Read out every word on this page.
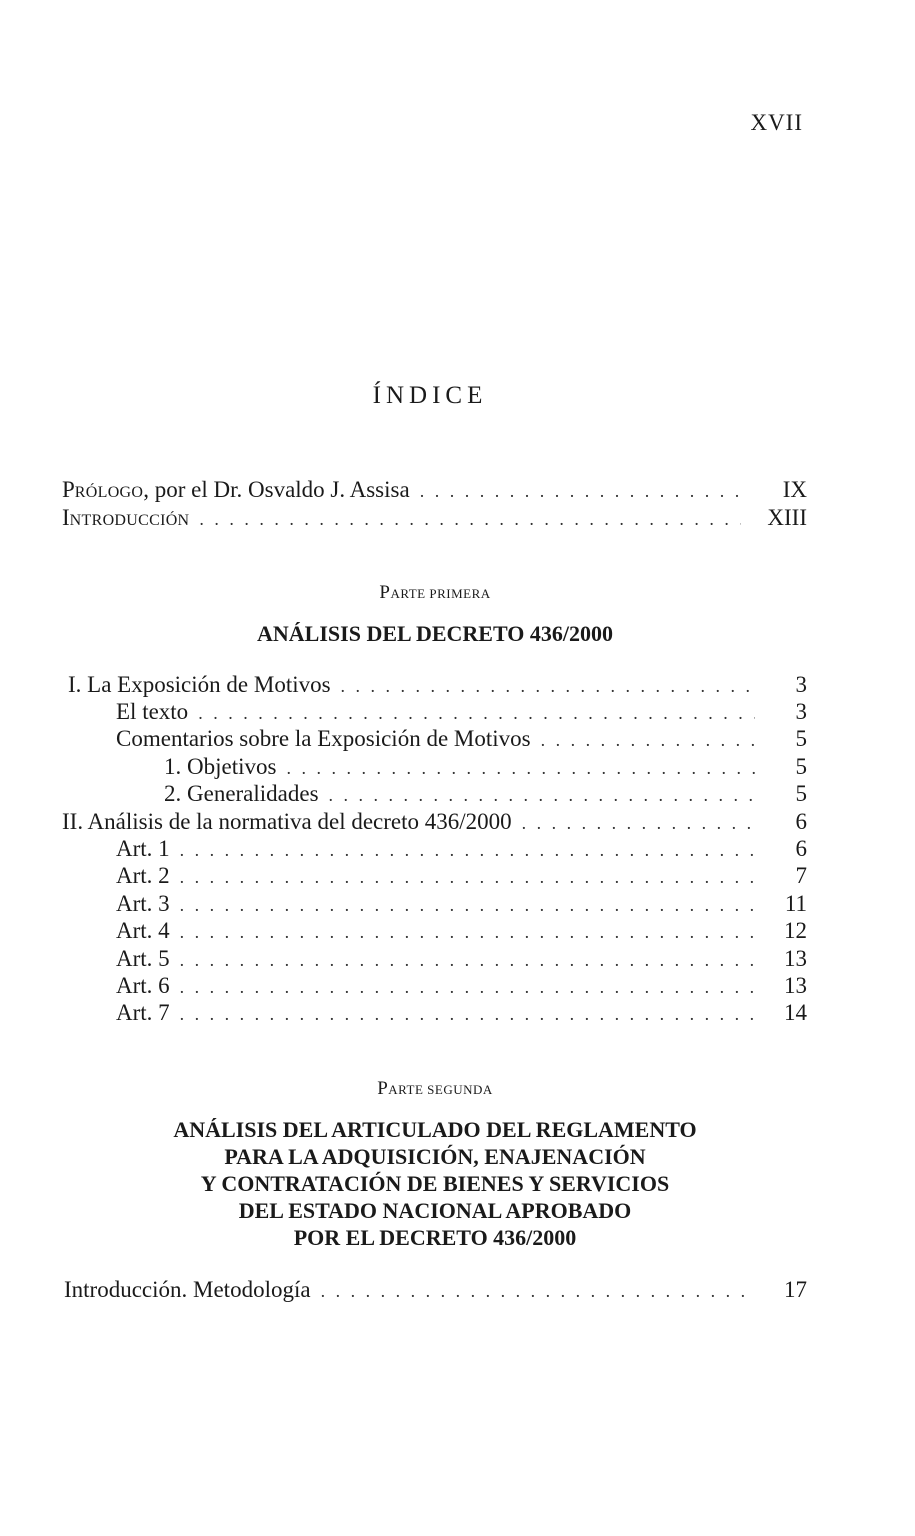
XVII
ÍNDICE
PRÓLOGO, por el Dr. Osvaldo J. Assisa . . .	IX
INTRODUCCIÓN . . .	XIII
PARTE PRIMERA
ANÁLISIS DEL DECRETO 436/2000
I. La Exposición de Motivos . . .	3
El texto . . .	3
Comentarios sobre la Exposición de Motivos . . .	5
1. Objetivos . . .	5
2. Generalidades . . .	5
II. Análisis de la normativa del decreto 436/2000 . . .	6
Art. 1 . . .	6
Art. 2 . . .	7
Art. 3 . . .	11
Art. 4 . . .	12
Art. 5 . . .	13
Art. 6 . . .	13
Art. 7 . . .	14
PARTE SEGUNDA
ANÁLISIS DEL ARTICULADO DEL REGLAMENTO
PARA LA ADQUISICIÓN, ENAJENACIÓN
Y CONTRATACIÓN DE BIENES Y SERVICIOS
DEL ESTADO NACIONAL APROBADO
POR EL DECRETO 436/2000
Introducción. Metodología . . .	17
